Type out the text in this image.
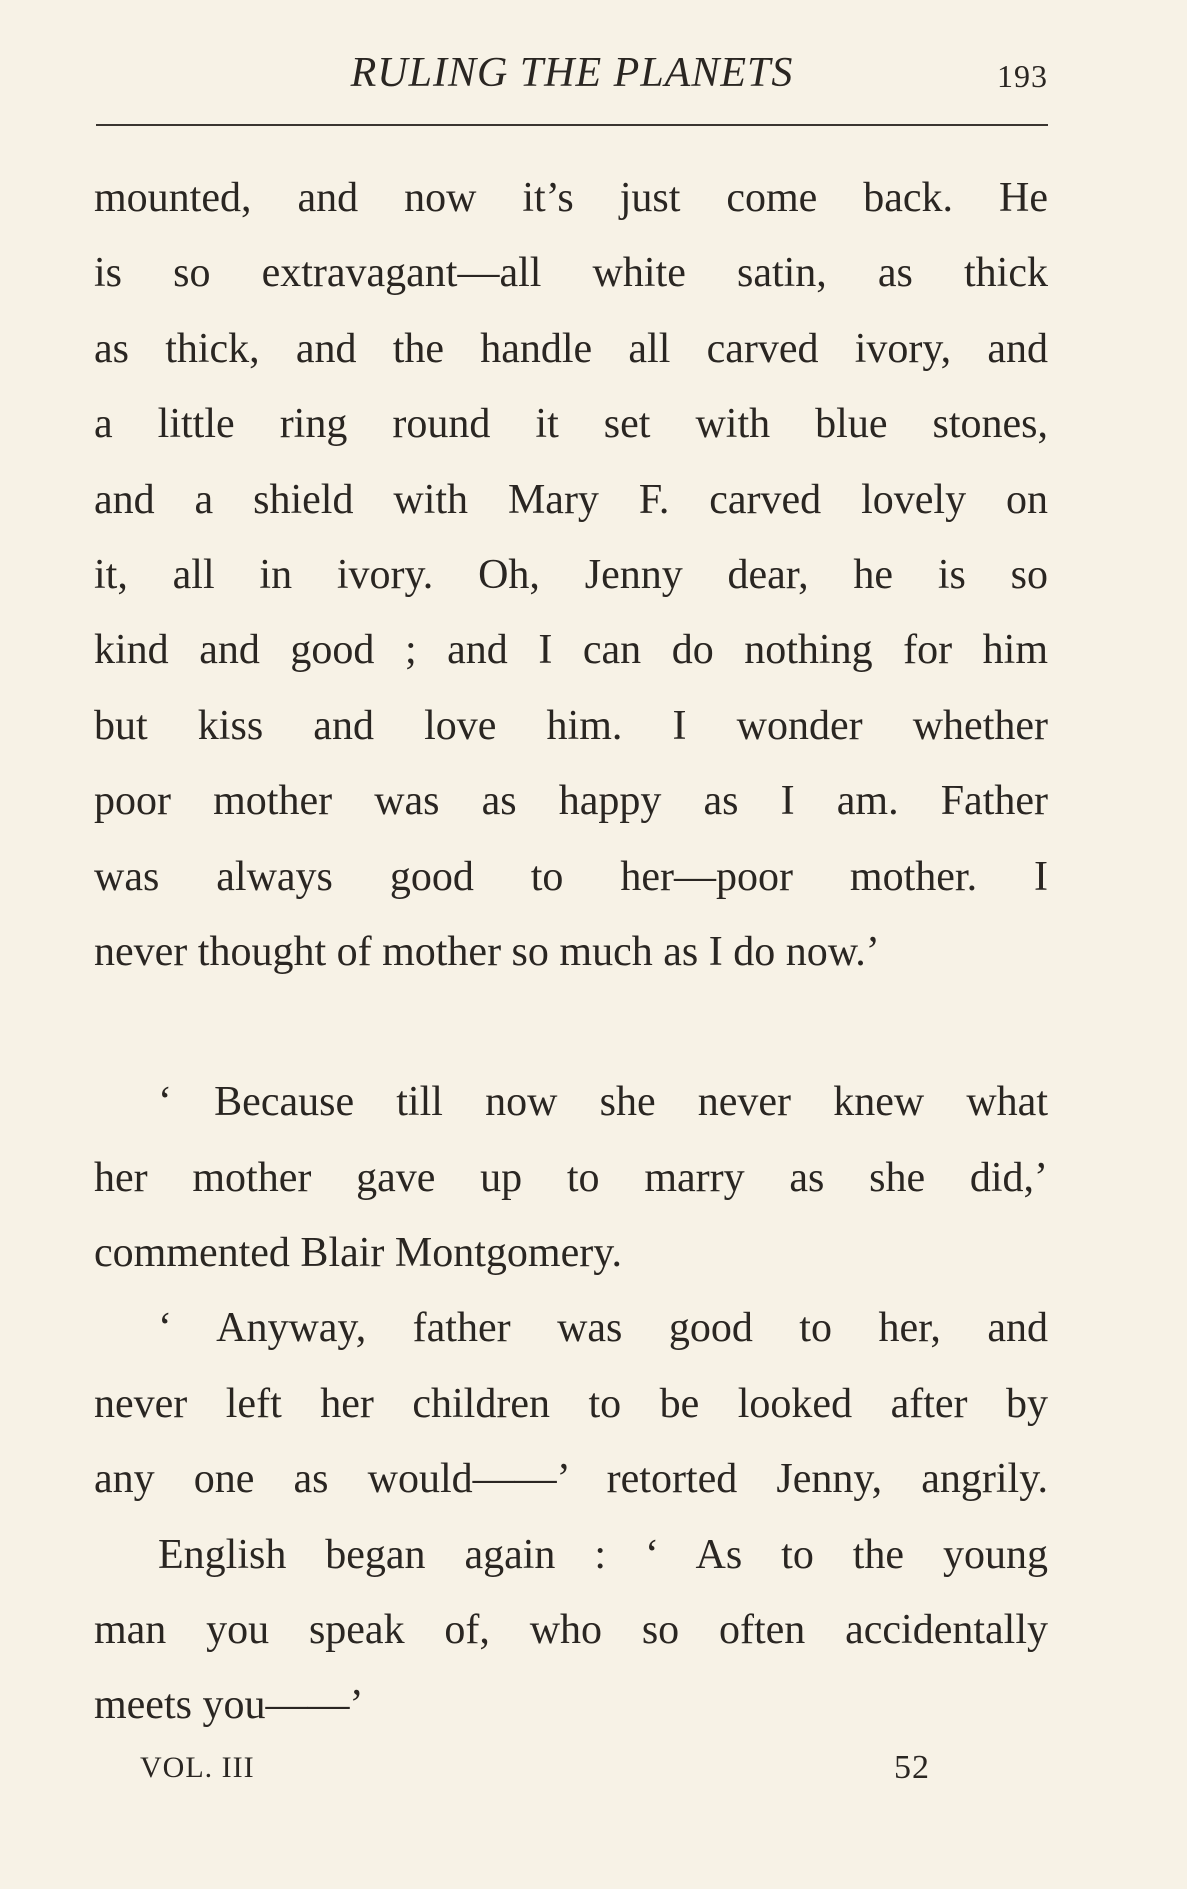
RULING THE PLANETS	193
mounted, and now it’s just come back. He
is so extravagant—all white satin, as thick
as thick, and the handle all carved ivory, and
a little ring round it set with blue stones,
and a shield with Mary F. carved lovely on
it, all in ivory. Oh, Jenny dear, he is so
kind and good ; and I can do nothing for him
but kiss and love him. I wonder whether
poor mother was as happy as I am. Father
was always good to her—poor mother. I
never thought of mother so much as I do now.’
‘ Because till now she never knew what
her mother gave up to marry as she did,’
commented Blair Montgomery.
‘ Anyway, father was good to her, and
never left her children to be looked after by
any one as would——’ retorted Jenny, angrily.
English began again : ‘ As to the young
man you speak of, who so often accidentally
meets you——’
VOL. III	52
